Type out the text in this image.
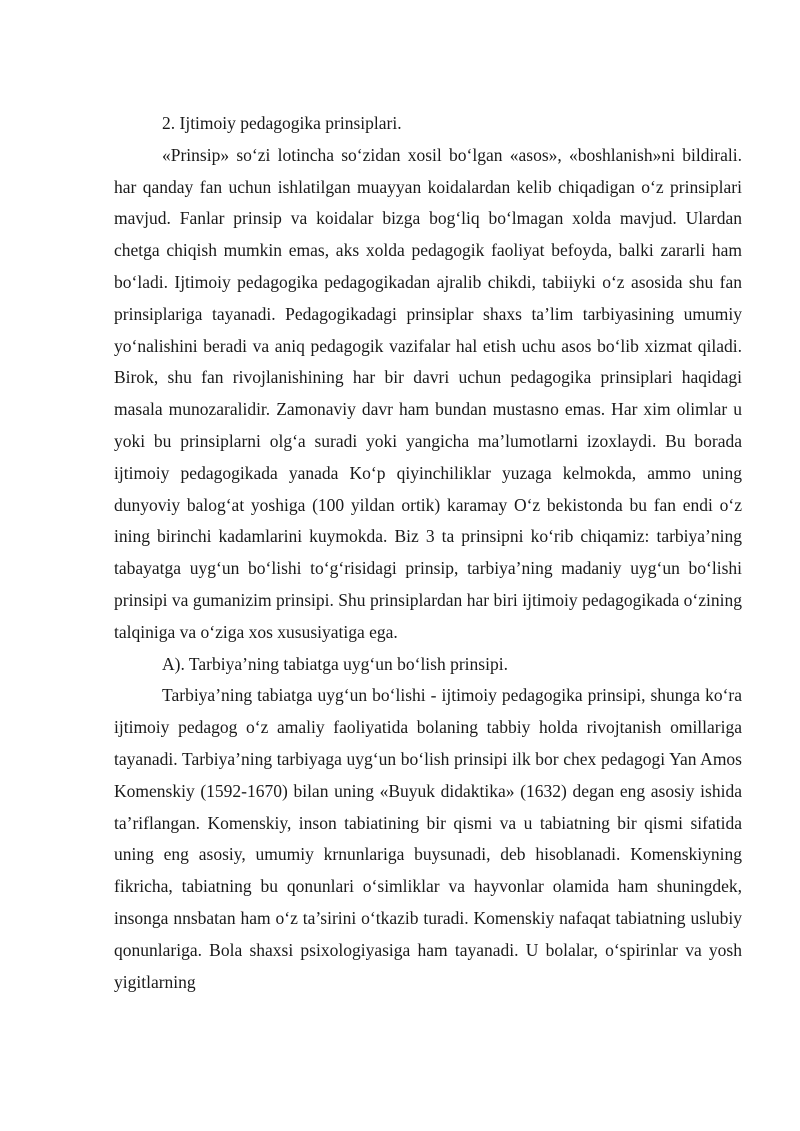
2. Ijtimoiy pedagogika prinsiplari.

«Prinsip» so‘zi lotincha so‘zidan xosil bo‘lgan «asos», «boshlanish»ni bildirali. har qanday fan uchun ishlatilgan muayyan koidalardan kelib chiqadigan o‘z prinsiplari mavjud. Fanlar prinsip va koidalar bizga bog‘liq bo‘lmagan xolda mavjud. Ulardan chetga chiqish mumkin emas, aks xolda pedagogik faoliyat befoyda, balki zararli ham bo‘ladi. Ijtimoiy pedagogika pedagogikadan ajralib chikdi, tabiiyki o‘z asosida shu fan prinsiplariga tayanadi. Pedagogikadagi prinsiplar shaxs ta’lim tarbiyasining umumiy yo‘nalishini beradi va aniq pedagogik vazifalar hal etish uchu asos bo‘lib xizmat qiladi. Birok, shu fan rivojlanishining har bir davri uchun pedagogika prinsiplari haqidagi masala munozaralidir. Zamonaviy davr ham bundan mustasno emas. Har xim olimlar u yoki bu prinsiplarni olg‘a suradi yoki yangicha ma’lumotlarni izoxlaydi. Bu borada ijtimoiy pedagogikada yanada Ko‘p qiyinchiliklar yuzaga kelmokda, ammo uning dunyoviy balog‘at yoshiga (100 yildan ortik) karamay O‘z bekistonda bu fan endi o‘z ining birinchi kadamlarini kuymokda. Biz 3 ta prinsipni ko‘rib chiqamiz: tarbiya’ning tabayatga uyg‘un bo‘lishi to‘g‘risidagi prinsip, tarbiya’ning madaniy uyg‘un bo‘lishi prinsipi va gumanizim prinsipi. Shu prinsiplardan har biri ijtimoiy pedagogikada o‘zining talqiniga va o‘ziga xos xususiyatiga ega.

A). Tarbiya’ning tabiatga uyg‘un bo‘lish prinsipi.

Tarbiya’ning tabiatga uyg‘un bo‘lishi - ijtimoiy pedagogika prinsipi, shunga ko‘ra ijtimoiy pedagog o‘z amaliy faoliyatida bolaning tabbiy holda rivojtanish omillariga tayanadi. Tarbiya’ning tarbiyaga uyg‘un bo‘lish prinsipi ilk bor chex pedagogi Yan Amos Komenskiy (1592-1670) bilan uning «Buyuk didaktika» (1632) degan eng asosiy ishida ta’riflangan. Komenskiy, inson tabiatining bir qismi va u tabiatning bir qismi sifatida uning eng asosiy, umumiy krnunlariga buysunadi, deb hisoblanadi. Komenskiyning fikricha, tabiatning bu qonunlari o‘simliklar va hayvonlar olamida ham shuningdek, insonga nnsbatan ham o‘z ta’sirini o‘tkazib turadi. Komenskiy nafaqat tabiatning uslubiy qonunlariga. Bola shaxsi psixologiyasiga ham tayanadi. U bolalar, o‘spirinlar va yosh yigitlarning
